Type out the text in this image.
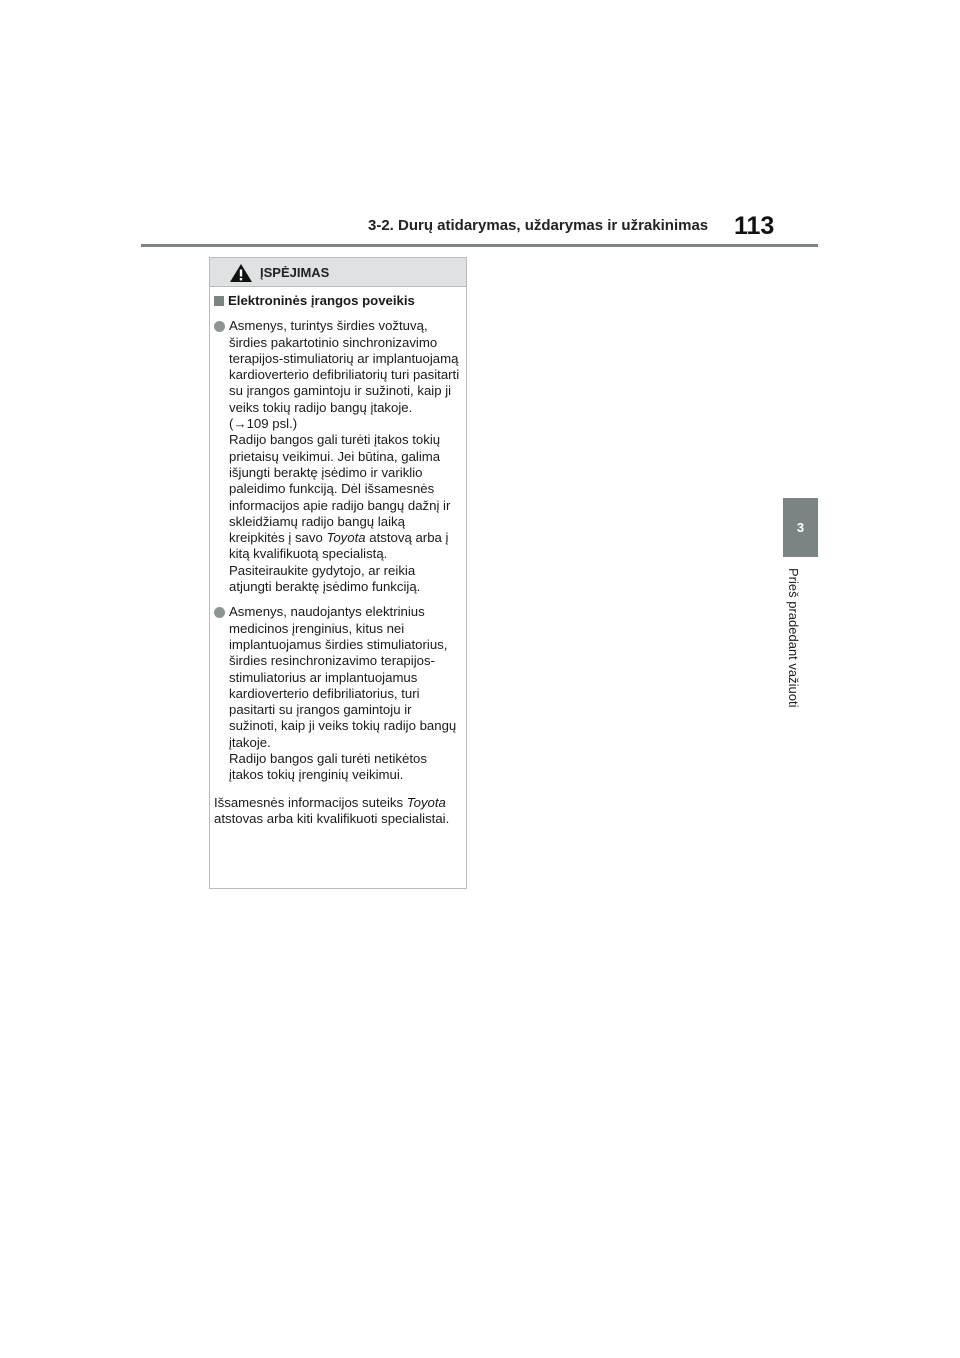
3-2. Durų atidarymas, uždarymas ir užrakinimas 113
3
Prieš pradedant važiuoti
ĮSPĖJIMAS
Elektroninės įrangos poveikis

Asmenys, turintys širdies vožtuvą, širdies pakartotinio sinchronizavimo terapijos-stimuliatorių ar implantuojamą kardioverterio defibriliatorių turi pasitarti su įrangos gamintoju ir sužinoti, kaip ji veiks tokių radijo bangų įtakoje.

(→109 psl.)

Radijo bangos gali turėti įtakos tokių prietaisų veikimui. Jei būtina, galima išjungti beraktę įsėdimo ir variklio paleidimo funkciją. Dėl išsamesnės informacijos apie radijo bangų dažnį ir skleidžiamų radijo bangų laiką kreipkitės į savo Toyota atstovą arba į kitą kvalifikuotą specialistą. Pasiteiraukite gydytojo, ar reikia atjungti beraktę įsėdimo funkciją.

Asmenys, naudojantys elektrinius medicinos įrenginius, kitus nei implantuojamus širdies stimuliatorius, širdies resinchronizavimo terapijos-stimuliatorius ar implantuojamus kardioverterio defibriliatorius, turi pasitarti su įrangos gamintoju ir sužinoti, kaip ji veiks tokių radijo bangų įtakoje.

Radijo bangos gali turėti netikėtos įtakos tokių įrenginių veikimui.

Išsamesnės informacijos suteiks Toyota atstovas arba kiti kvalifikuoti specialistai.
